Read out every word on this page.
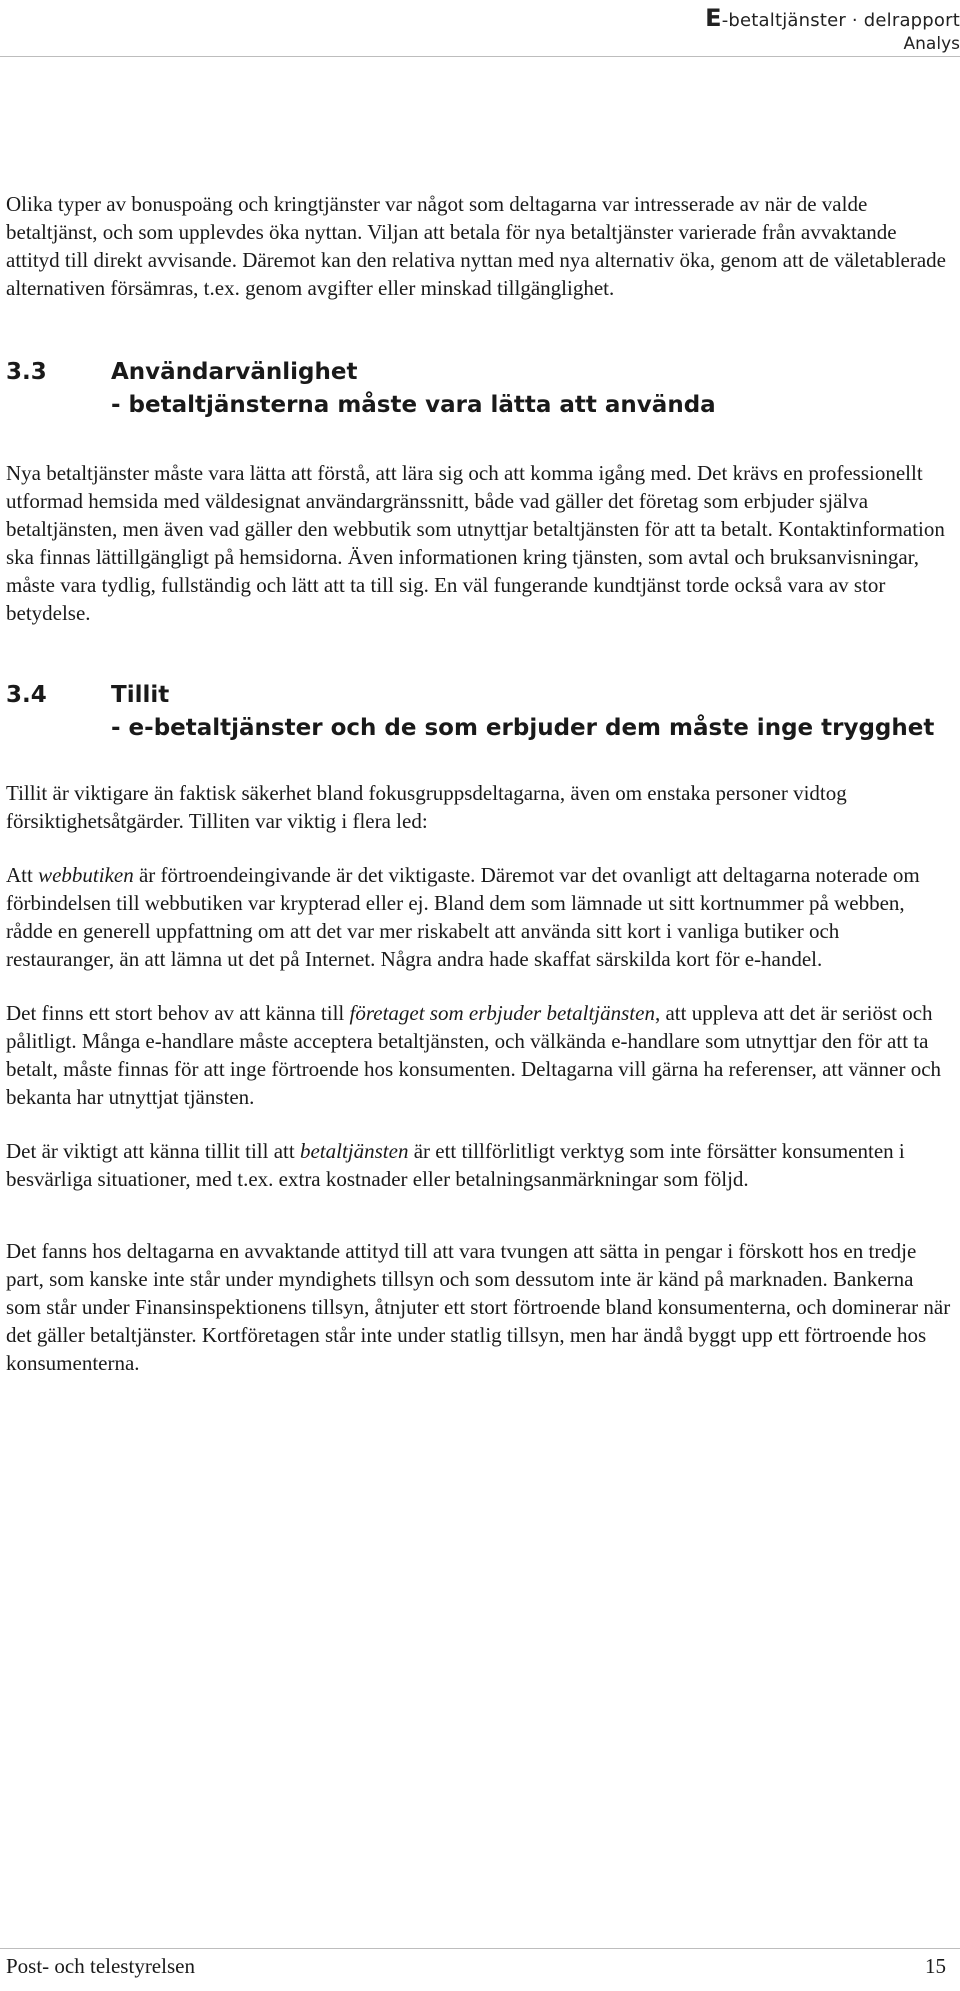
E-betaltjänster · delrapport
Analys

Olika typer av bonuspoäng och kringtjänster var något som deltagarna var intresserade av när de valde betaltjänst, och som upplevdes öka nyttan. Viljan att betala för nya betaltjänster varierade från avvaktande attityd till direkt avvisande. Däremot kan den relativa nyttan med nya alternativ öka, genom att de väletablerade alternativen försämras, t.ex. genom avgifter eller minskad tillgänglighet.

3.3	Användarvänlighet
- betaltjänsterna måste vara lätta att använda

Nya betaltjänster måste vara lätta att förstå, att lära sig och att komma igång med. Det krävs en professionellt utformad hemsida med väldesignat användargränssnitt, både vad gäller det företag som erbjuder själva betaltjänsten, men även vad gäller den webbutik som utnyttjar betaltjänsten för att ta betalt. Kontaktinformation ska finnas lättillgängligt på hemsidorna. Även informationen kring tjänsten, som avtal och bruksanvisningar, måste vara tydlig, fullständig och lätt att ta till sig. En väl fungerande kundtjänst torde också vara av stor betydelse.

3.4	Tillit
- e-betaltjänster och de som erbjuder dem måste inge trygghet

Tillit är viktigare än faktisk säkerhet bland fokusgruppsdeltagarna, även om enstaka personer vidtog försiktighetsåtgärder. Tilliten var viktig i flera led:

Att webbutiken är förtroendeingivande är det viktigaste. Däremot var det ovanligt att deltagarna noterade om förbindelsen till webbutiken var krypterad eller ej. Bland dem som lämnade ut sitt kortnummer på webben, rådde en generell uppfattning om att det var mer riskabelt att använda sitt kort i vanliga butiker och restauranger, än att lämna ut det på Internet. Några andra hade skaffat särskilda kort för e-handel.

Det finns ett stort behov av att känna till företaget som erbjuder betaltjänsten, att uppleva att det är seriöst och pålitligt. Många e-handlare måste acceptera betaltjänsten, och välkända e-handlare som utnyttjar den för att ta betalt, måste finnas för att inge förtroende hos konsumenten. Deltagarna vill gärna ha referenser, att vänner och bekanta har utnyttjat tjänsten.

Det är viktigt att känna tillit till att betaltjänsten är ett tillförlitligt verktyg som inte försätter konsumenten i besvärliga situationer, med t.ex. extra kostnader eller betalningsanmärkningar som följd.

Det fanns hos deltagarna en avvaktande attityd till att vara tvungen att sätta in pengar i förskott hos en tredje part, som kanske inte står under myndighets tillsyn och som dessutom inte är känd på marknaden. Bankerna som står under Finansinspektionens tillsyn, åtnjuter ett stort förtroende bland konsumenterna, och dominerar när det gäller betaltjänster. Kortföretagen står inte under statlig tillsyn, men har ändå byggt upp ett förtroende hos konsumenterna.

Post- och telestyrelsen	15
